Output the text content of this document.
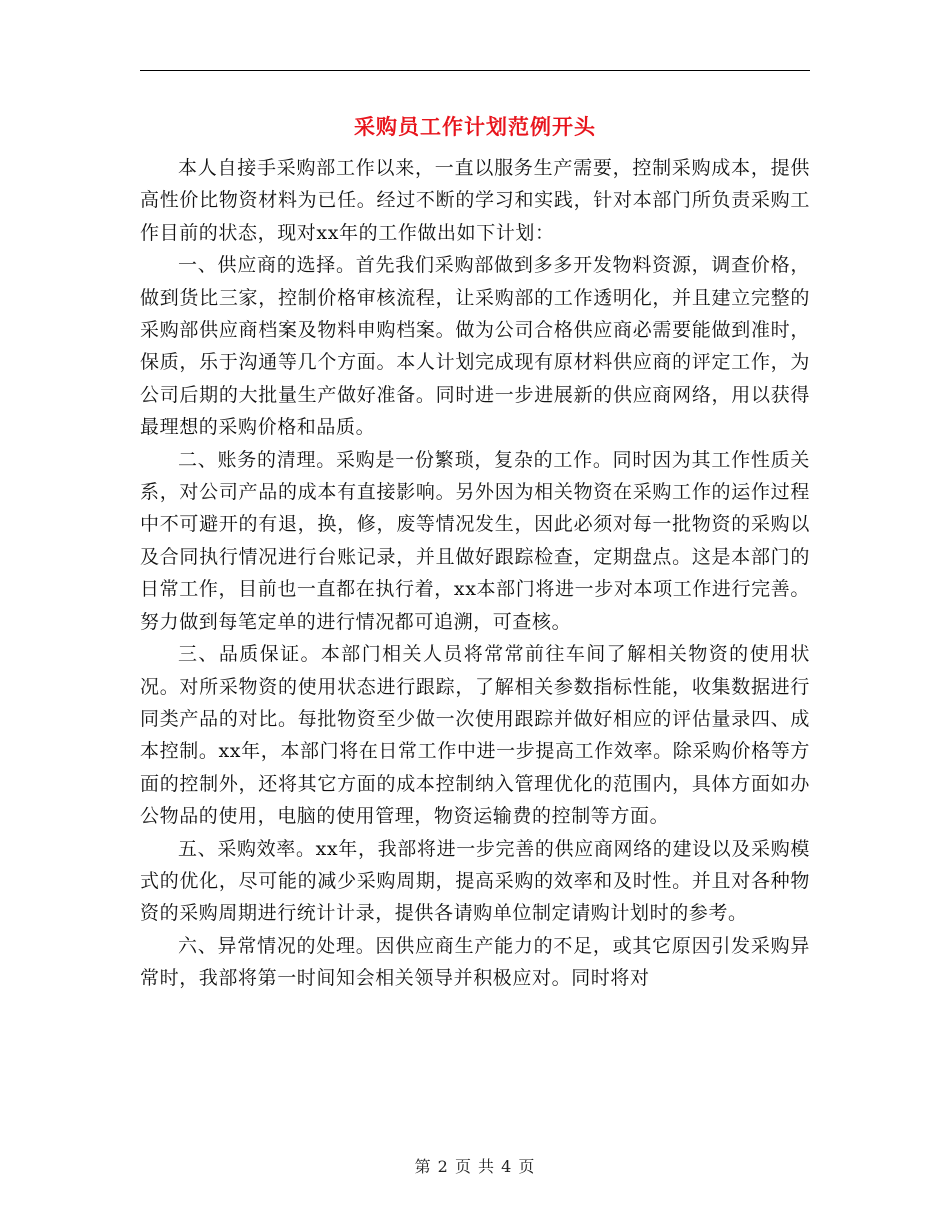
采购员工作计划范例开头

本人自接手采购部工作以来，一直以服务生产需要，控制采购成本，提供高性价比物资材料为已任。经过不断的学习和实践，针对本部门所负责采购工作目前的状态，现对xx年的工作做出如下计划：

一、供应商的选择。首先我们采购部做到多多开发物料资源，调查价格，做到货比三家，控制价格审核流程，让采购部的工作透明化，并且建立完整的采购部供应商档案及物料申购档案。做为公司合格供应商必需要能做到准时，保质，乐于沟通等几个方面。本人计划完成现有原材料供应商的评定工作，为公司后期的大批量生产做好准备。同时进一步进展新的供应商网络，用以获得最理想的采购价格和品质。

二、账务的清理。采购是一份繁琐，复杂的工作。同时因为其工作性质关系，对公司产品的成本有直接影响。另外因为相关物资在采购工作的运作过程中不可避开的有退，换，修，废等情况发生，因此必须对每一批物资的采购以及合同执行情况进行台账记录，并且做好跟踪检查，定期盘点。这是本部门的日常工作，目前也一直都在执行着，xx本部门将进一步对本项工作进行完善。努力做到每笔定单的进行情况都可追溯，可查核。

三、品质保证。本部门相关人员将常常前往车间了解相关物资的使用状况。对所采物资的使用状态进行跟踪，了解相关参数指标性能，收集数据进行同类产品的对比。每批物资至少做一次使用跟踪并做好相应的评估量录四、成本控制。xx年，本部门将在日常工作中进一步提高工作效率。除采购价格等方面的控制外，还将其它方面的成本控制纳入管理优化的范围内，具体方面如办公物品的使用，电脑的使用管理，物资运输费的控制等方面。

五、采购效率。xx年，我部将进一步完善的供应商网络的建设以及采购模式的优化，尽可能的减少采购周期，提高采购的效率和及时性。并且对各种物资的采购周期进行统计计录，提供各请购单位制定请购计划时的参考。

六、异常情况的处理。因供应商生产能力的不足，或其它原因引发采购异常时，我部将第一时间知会相关领导并积极应对。同时将对

第 2 页 共 4 页
